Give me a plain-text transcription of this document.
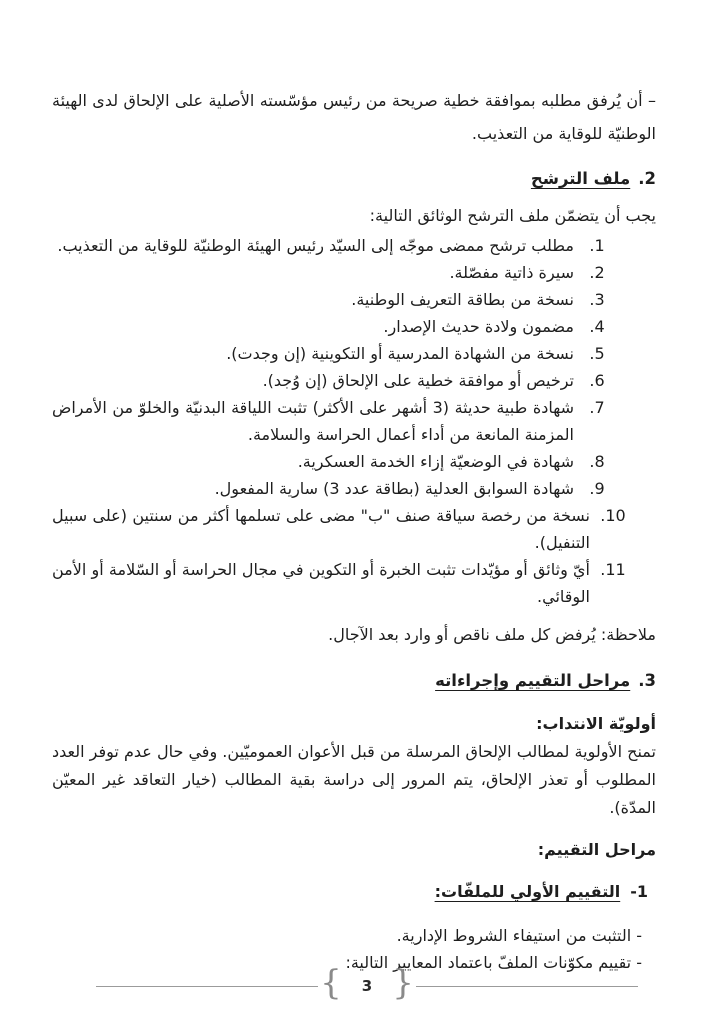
– أن يُرفق مطلبه بموافقة خطية صريحة من رئيس مؤسّسته الأصلية على الإلحاق لدى الهيئة الوطنيّة للوقاية من التعذيب.

2.ملف الترشح
يجب أن يتضمّن ملف الترشح الوثائق التالية:
1.
مطلب ترشح ممضى موجّه إلى السيّد رئيس الهيئة الوطنيّة للوقاية من التعذيب.
2.
سيرة ذاتية مفصّلة.
3.
نسخة من بطاقة التعريف الوطنية.
4.
مضمون ولادة حديث الإصدار.
5.
نسخة من الشهادة المدرسية أو التكوينية (إن وجدت).
6.
ترخيص أو موافقة خطية على الإلحاق (إن وُجد).
7.
شهادة طبية حديثة (3 أشهر على الأكثر) تثبت اللياقة البدنيّة والخلوّ من الأمراض المزمنة المانعة من أداء أعمال الحراسة والسلامة.
8.
شهادة في الوضعيّة إزاء الخدمة العسكرية.
9.
شهادة السوابق العدلية (بطاقة عدد 3) سارية المفعول.
10.
نسخة من رخصة سياقة صنف "ب" مضى على تسلمها أكثر من سنتين (على سبيل التنفيل).
11.
أيّ وثائق أو مؤيّدات تثبت الخبرة أو التكوين في مجال الحراسة أو السّلامة أو الأمن الوقائي.
ملاحظة: يُرفض كل ملف ناقص أو وارد بعد الآجال.
3.مراحل التقييم وإجراءاته
أولويّة الانتداب:

تمنح الأولوية لمطالب الإلحاق المرسلة من قبل الأعوان العموميّين. وفي حال عدم توفر العدد المطلوب أو تعذر الإلحاق، يتم المرور إلى دراسة بقية المطالب (خيار التعاقد غير المعيّن المدّة).

مراحل التقييم:
1-التقييم الأولي للملفّات:
- التثبت من استيفاء الشروط الإدارية.
- تقييم مكوّنات الملفّ باعتماد المعايير التالية:
{	3 }
